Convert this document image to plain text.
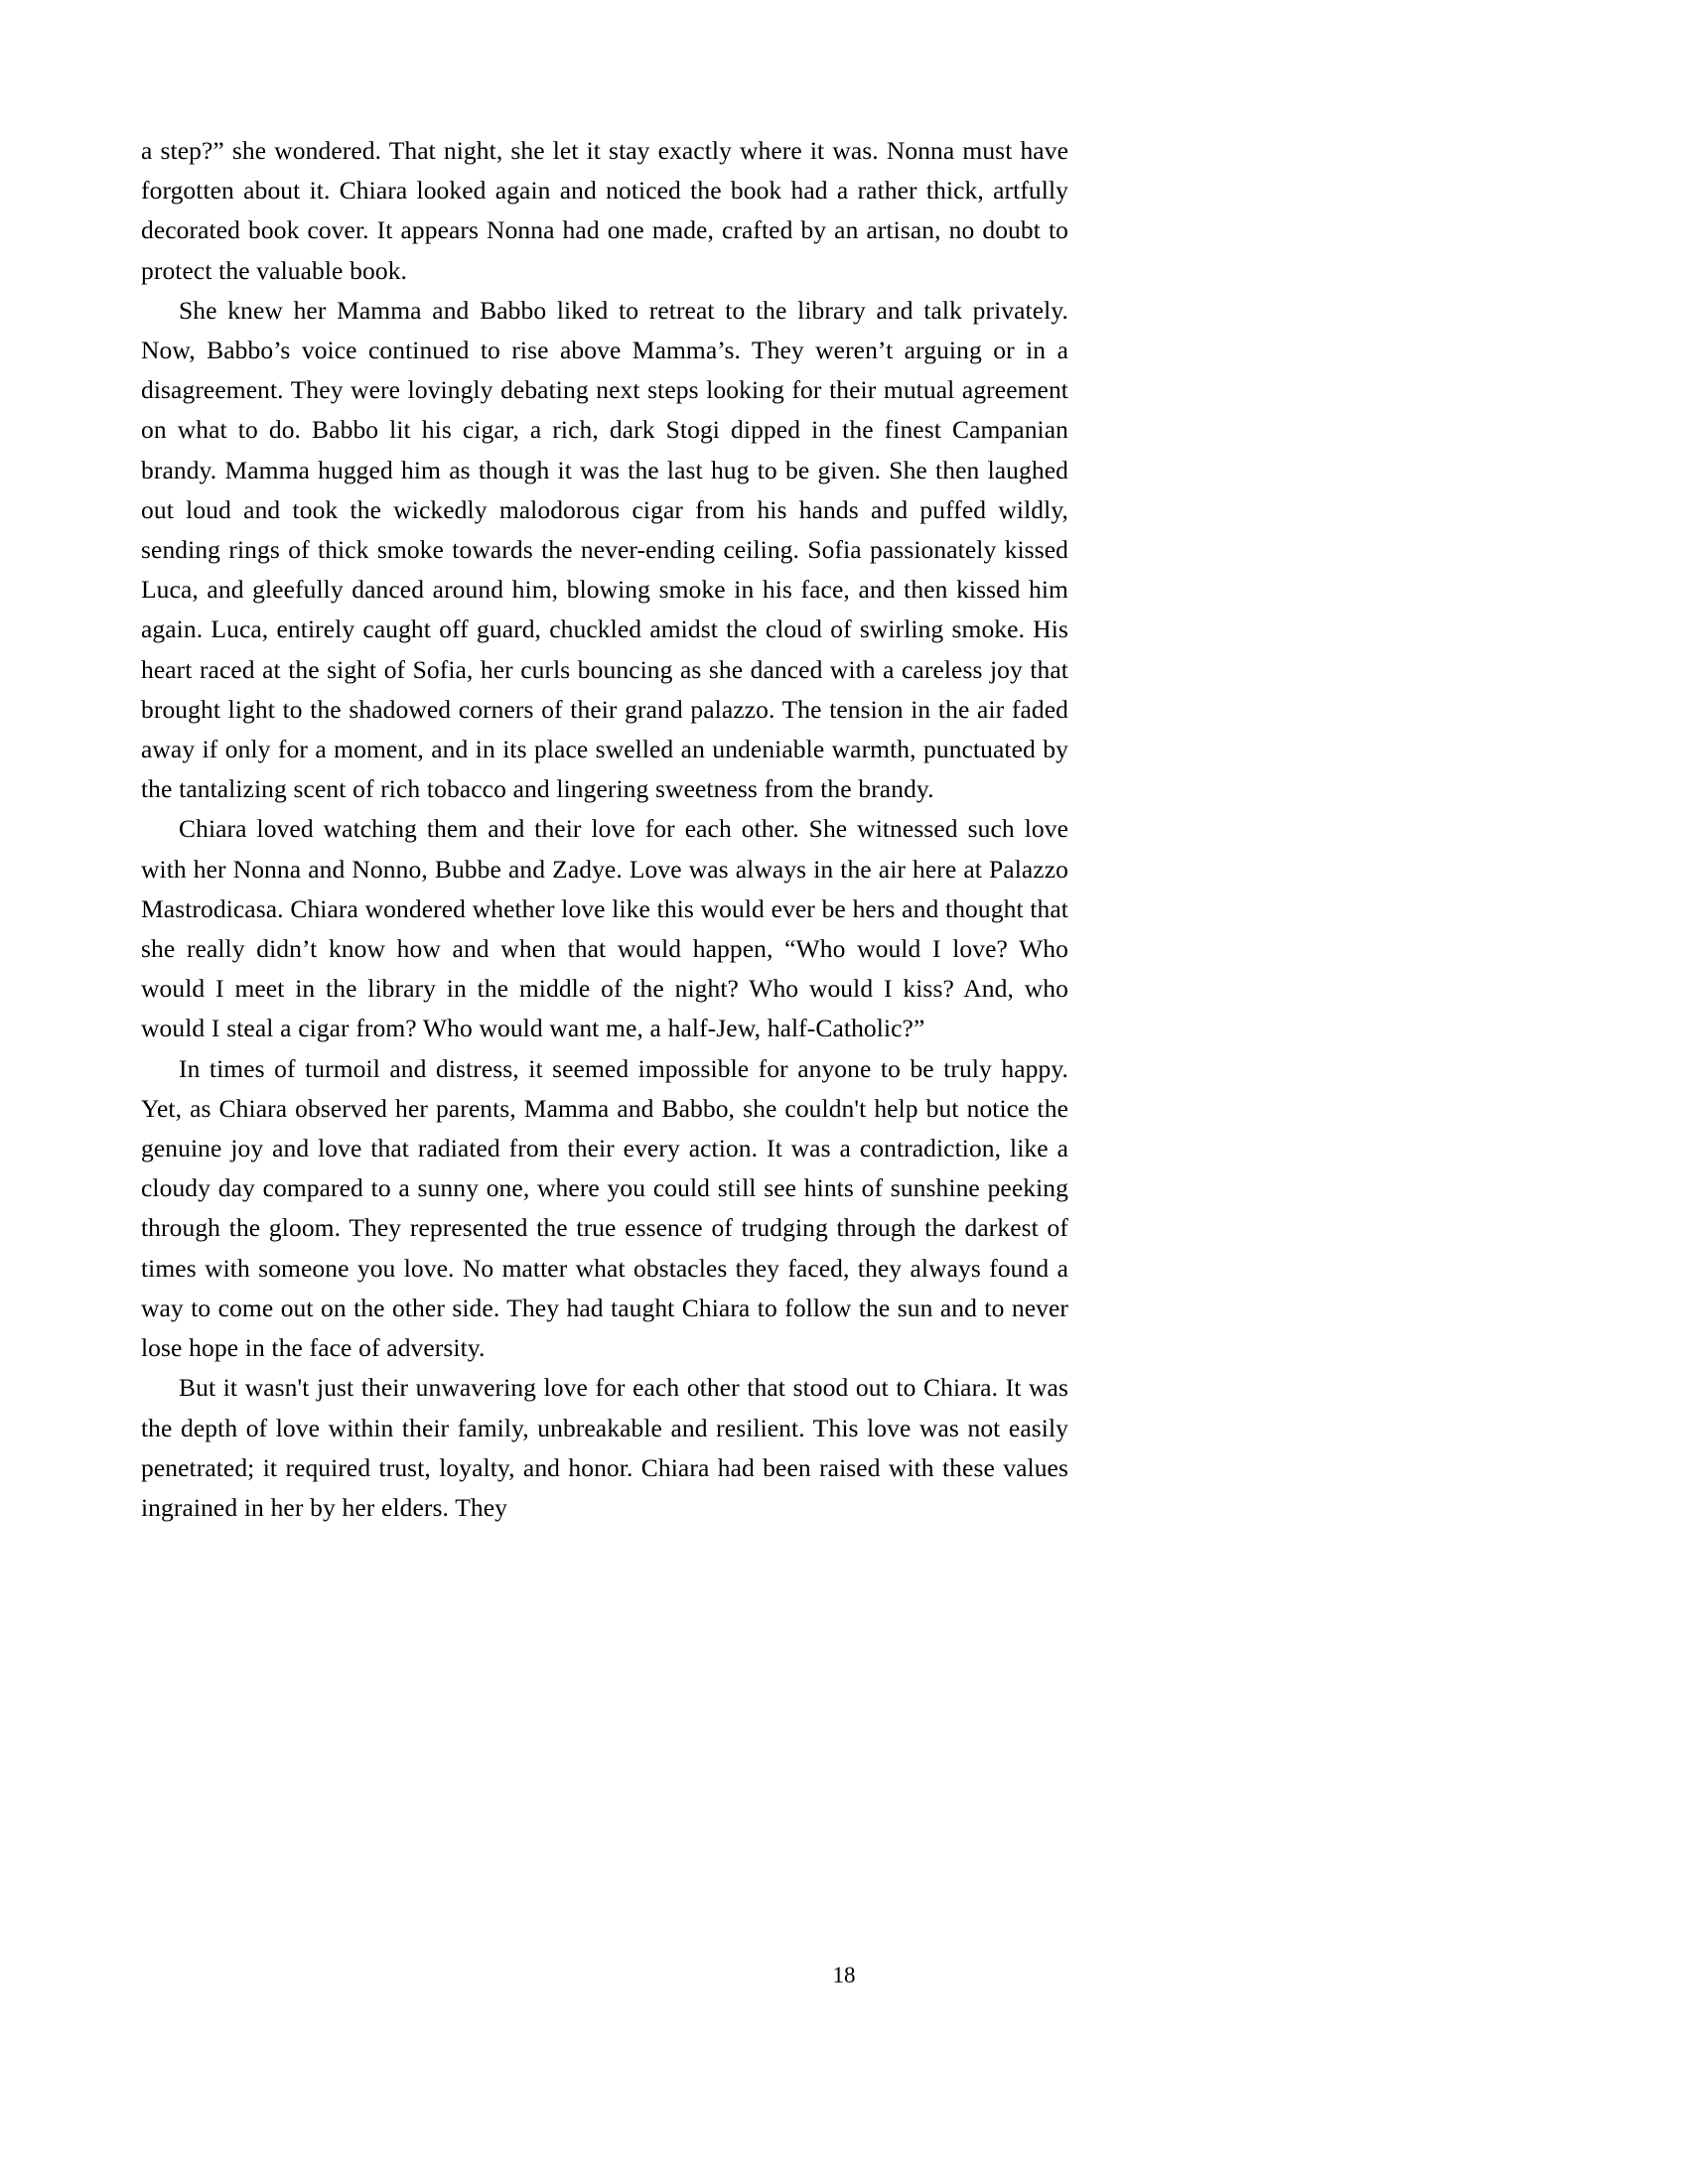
a step?” she wondered. That night, she let it stay exactly where it was. Nonna must have forgotten about it. Chiara looked again and noticed the book had a rather thick, artfully decorated book cover. It appears Nonna had one made, crafted by an artisan, no doubt to protect the valuable book.

She knew her Mamma and Babbo liked to retreat to the library and talk privately. Now, Babbo’s voice continued to rise above Mamma’s. They weren’t arguing or in a disagreement. They were lovingly debating next steps looking for their mutual agreement on what to do. Babbo lit his cigar, a rich, dark Stogi dipped in the finest Campanian brandy. Mamma hugged him as though it was the last hug to be given. She then laughed out loud and took the wickedly malodorous cigar from his hands and puffed wildly, sending rings of thick smoke towards the never-ending ceiling. Sofia passionately kissed Luca, and gleefully danced around him, blowing smoke in his face, and then kissed him again. Luca, entirely caught off guard, chuckled amidst the cloud of swirling smoke. His heart raced at the sight of Sofia, her curls bouncing as she danced with a careless joy that brought light to the shadowed corners of their grand palazzo. The tension in the air faded away if only for a moment, and in its place swelled an undeniable warmth, punctuated by the tantalizing scent of rich tobacco and lingering sweetness from the brandy.

Chiara loved watching them and their love for each other. She witnessed such love with her Nonna and Nonno, Bubbe and Zadye. Love was always in the air here at Palazzo Mastrodicasa. Chiara wondered whether love like this would ever be hers and thought that she really didn’t know how and when that would happen, “Who would I love? Who would I meet in the library in the middle of the night? Who would I kiss? And, who would I steal a cigar from? Who would want me, a half-Jew, half-Catholic?”

In times of turmoil and distress, it seemed impossible for anyone to be truly happy. Yet, as Chiara observed her parents, Mamma and Babbo, she couldn't help but notice the genuine joy and love that radiated from their every action. It was a contradiction, like a cloudy day compared to a sunny one, where you could still see hints of sunshine peeking through the gloom. They represented the true essence of trudging through the darkest of times with someone you love. No matter what obstacles they faced, they always found a way to come out on the other side. They had taught Chiara to follow the sun and to never lose hope in the face of adversity.

But it wasn't just their unwavering love for each other that stood out to Chiara. It was the depth of love within their family, unbreakable and resilient. This love was not easily penetrated; it required trust, loyalty, and honor. Chiara had been raised with these values ingrained in her by her elders. They

18
